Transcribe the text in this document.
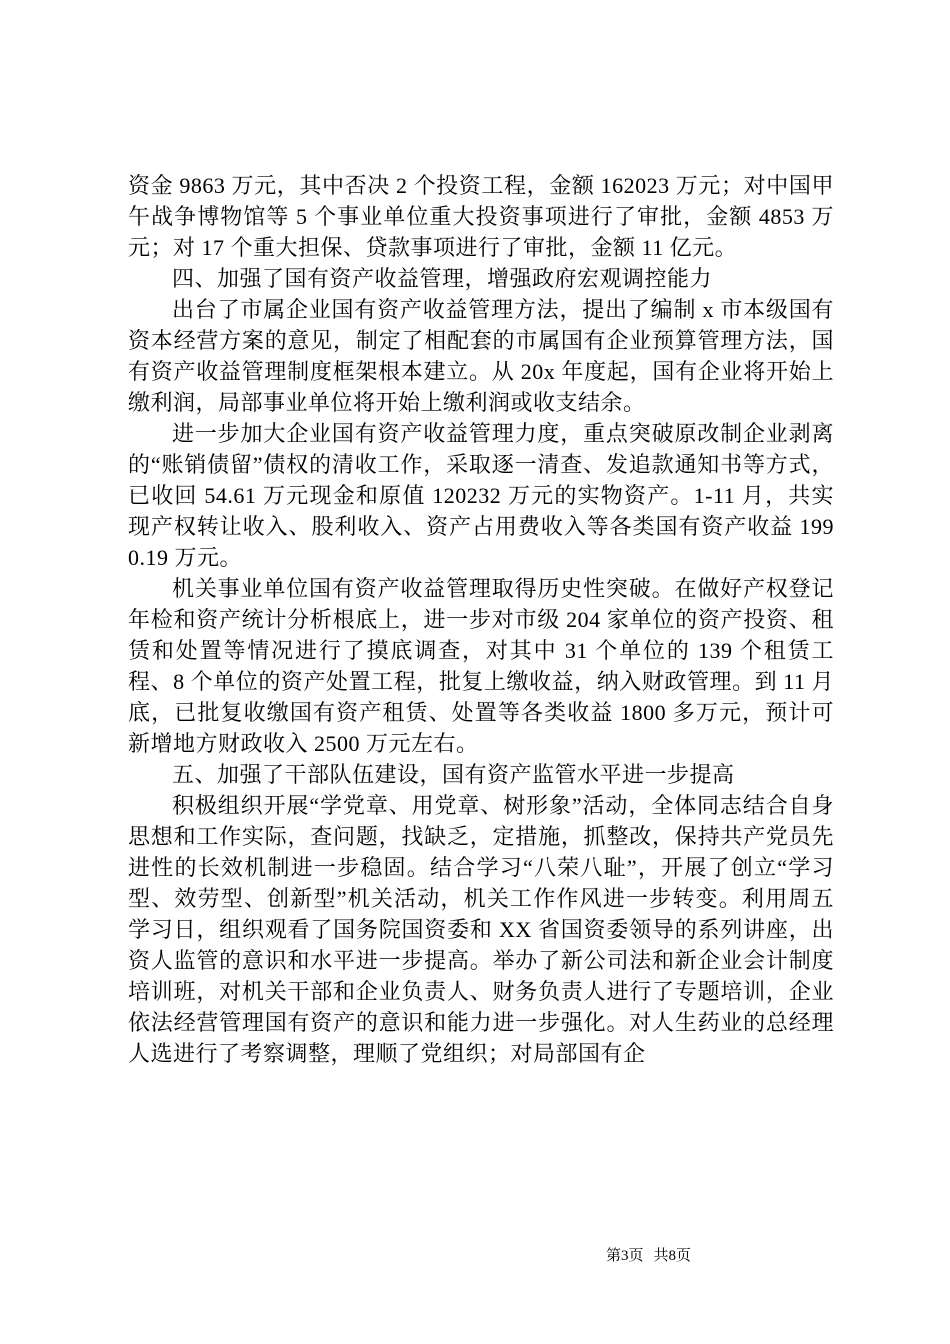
资金 9863 万元，其中否决 2 个投资工程，金额 162023 万元；对中国甲午战争博物馆等 5 个事业单位重大投资事项进行了审批，金额 4853 万元；对 17 个重大担保、贷款事项进行了审批，金额 11 亿元。

四、加强了国有资产收益管理，增强政府宏观调控能力

出台了市属企业国有资产收益管理方法，提出了编制 x 市本级国有资本经营方案的意见，制定了相配套的市属国有企业预算管理方法，国有资产收益管理制度框架根本建立。从 20x 年度起，国有企业将开始上缴利润，局部事业单位将开始上缴利润或收支结余。

进一步加大企业国有资产收益管理力度，重点突破原改制企业剥离的“账销债留”债权的清收工作，采取逐一清查、发追款通知书等方式，已收回 54.61 万元现金和原值 120232 万元的实物资产。1-11 月，共实现产权转让收入、股利收入、资产占用费收入等各类国有资产收益 1990.19 万元。

机关事业单位国有资产收益管理取得历史性突破。在做好产权登记年检和资产统计分析根底上，进一步对市级 204 家单位的资产投资、租赁和处置等情况进行了摸底调查，对其中 31 个单位的 139 个租赁工程、8 个单位的资产处置工程，批复上缴收益，纳入财政管理。到 11 月底，已批复收缴国有资产租赁、处置等各类收益 1800 多万元，预计可新增地方财政收入 2500 万元左右。

五、加强了干部队伍建设，国有资产监管水平进一步提高

积极组织开展“学党章、用党章、树形象”活动，全体同志结合自身思想和工作实际，查问题，找缺乏，定措施，抓整改，保持共产党员先进性的长效机制进一步稳固。结合学习“八荣八耻”，开展了创立“学习型、效劳型、创新型”机关活动，机关工作作风进一步转变。利用周五学习日，组织观看了国务院国资委和 XX 省国资委领导的系列讲座，出资人监管的意识和水平进一步提高。举办了新公司法和新企业会计制度培训班，对机关干部和企业负责人、财务负责人进行了专题培训，企业依法经营管理国有资产的意识和能力进一步强化。对人生药业的总经理人选进行了考察调整，理顺了党组织；对局部国有企

第3页 共8页
